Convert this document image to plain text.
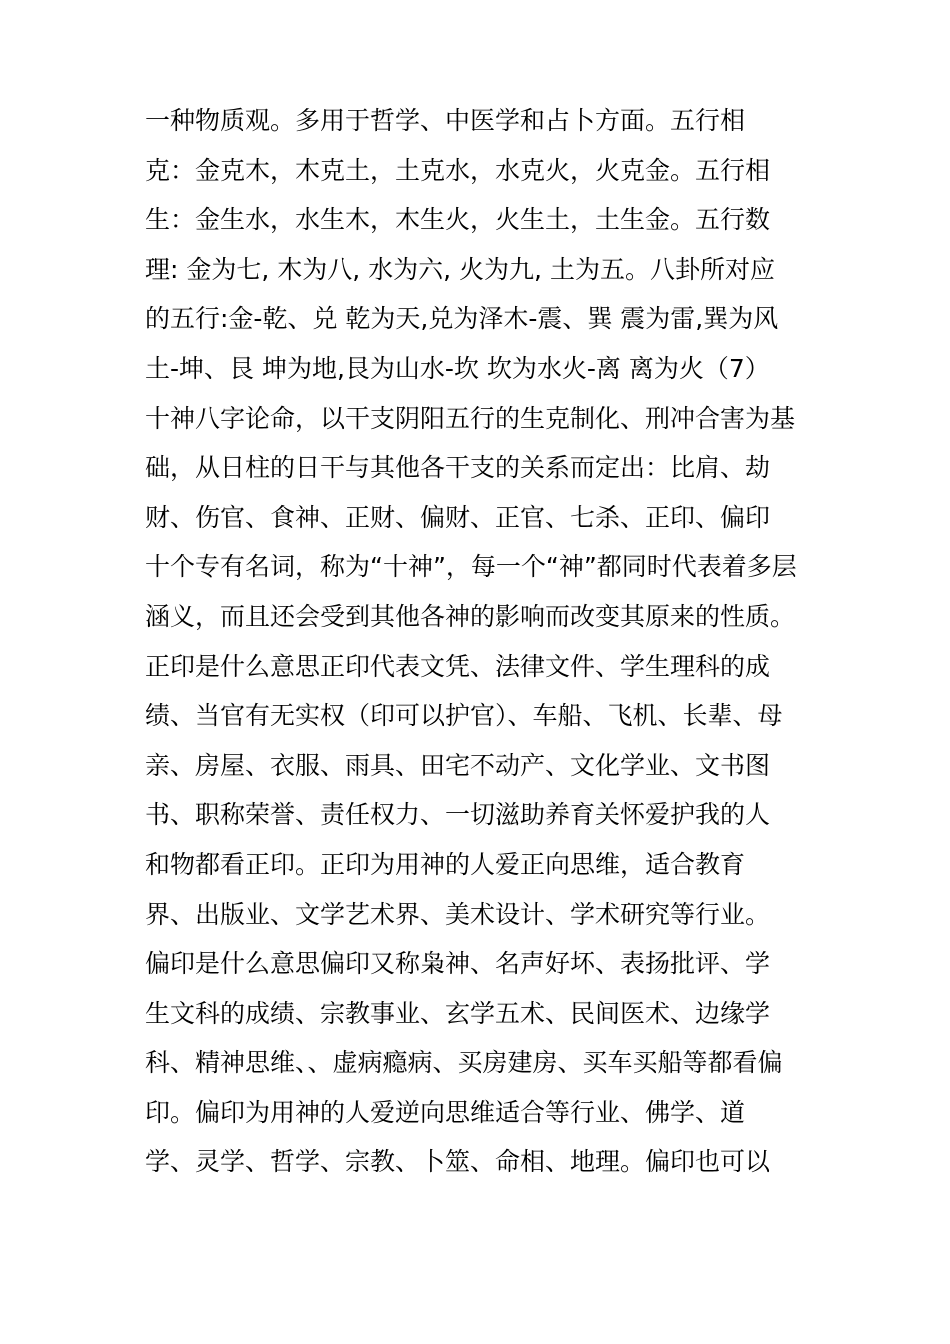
一种物质观。多用于哲学、中医学和占卜方面。五行相
克：金克木，木克土，土克水，水克火，火克金。五行相
生：金生水，水生木，木生火，火生土，土生金。五行数
理: 金为七, 木为八, 水为六, 火为九, 土为五。八卦所对应
的五行:金-乾、兑 乾为天,兑为泽木-震、巽 震为雷,巽为风
土-坤、艮 坤为地,艮为山水-坎 坎为水火-离 离为火（7）
十神八字论命，以干支阴阳五行的生克制化、刑冲合害为基
础，从日柱的日干与其他各干支的关系而定出：比肩、劫
财、伤官、食神、正财、偏财、正官、七杀、正印、偏印
十个专有名词，称为“十神”，每一个“神”都同时代表着多层
涵义，而且还会受到其他各神的影响而改变其原来的性质。
正印是什么意思正印代表文凭、法律文件、学生理科的成
绩、当官有无实权（印可以护官）、车船、飞机、长辈、母
亲、房屋、衣服、雨具、田宅不动产、文化学业、文书图
书、职称荣誉、责任权力、一切滋助养育关怀爱护我的人
和物都看正印。正印为用神的人爱正向思维，适合教育
界、出版业、文学艺术界、美术设计、学术研究等行业。
偏印是什么意思偏印又称枭神、名声好坏、表扬批评、学
生文科的成绩、宗教事业、玄学五术、民间医术、边缘学
科、精神思维、、虚病瘾病、买房建房、买车买船等都看偏
印。偏印为用神的人爱逆向思维适合等行业、佛学、道
学、灵学、哲学、宗教、卜筮、命相、地理。偏印也可以
